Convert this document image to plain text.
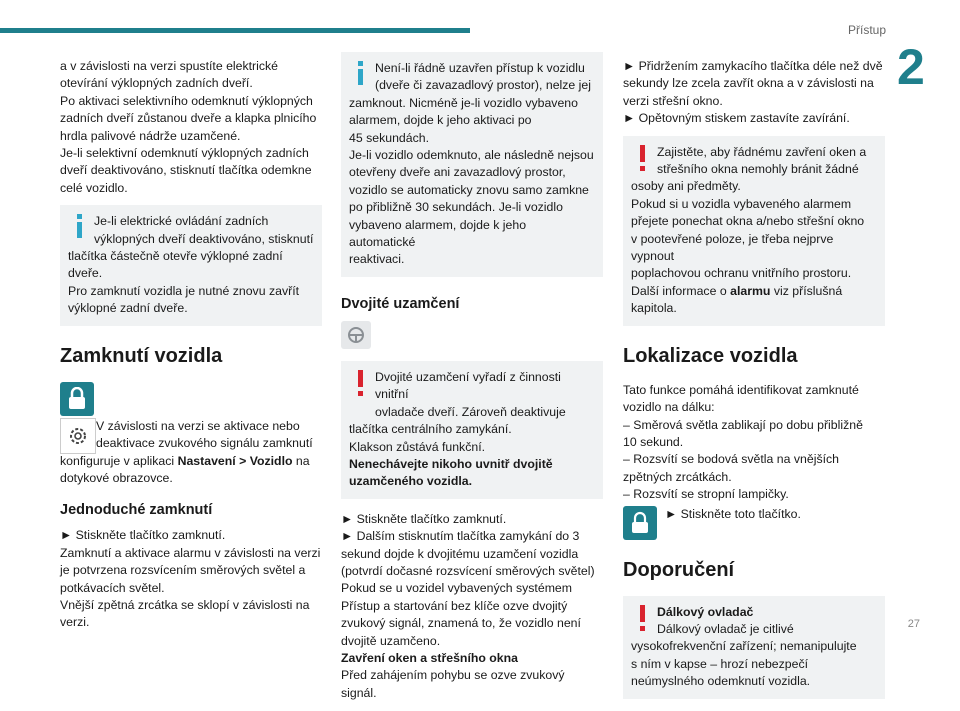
Přístup
2
27

a v závislosti na verzi spustíte elektrické

otevírání výklopných zadních dveří.

Po aktivaci selektivního odemknutí výklopných

zadních dveří zůstanou dveře a klapka plnicího

hrdla palivové nádrže uzamčené.

Je-li selektivní odemknutí výklopných zadních

dveří deaktivováno, stisknutí tlačítka odemkne

celé vozidlo.

Je-li elektrické ovládání zadních
výklopných dveří deaktivováno, stisknutí

tlačítka částečně otevře výklopné zadní

dveře.

Pro zamknutí vozidla je nutné znovu zavřít

výklopné zadní dveře.

Zamknutí vozidla
V závislosti na verzi se aktivace nebo
deaktivace zvukového signálu zamknutí

konfiguruje v aplikaci Nastavení > Vozidlo na

dotykové obrazovce.

Jednoduché zamknutí

► Stiskněte tlačítko zamknutí.

Zamknutí a aktivace alarmu v závislosti na verzi

je potvrzena rozsvícením směrových světel a

potkávacích světel.

Vnější zpětná zrcátka se sklopí v závislosti na

verzi.

Není-li řádně uzavřen přístup k vozidlu
(dveře či zavazadlový prostor), nelze jej

zamknout. Nicméně je-li vozidlo vybaveno

alarmem, dojde k jeho aktivaci po

45 sekundách.

Je-li vozidlo odemknuto, ale následně nejsou

otevřeny dveře ani zavazadlový prostor,

vozidlo se automaticky znovu samo zamkne

po přibližně 30 sekundách. Je-li vozidlo

vybaveno alarmem, dojde k jeho automatické

reaktivaci.

Dvojité uzamčení
Dvojité uzamčení vyřadí z činnosti vnitřní
ovladače dveří. Zároveň deaktivuje

tlačítka centrálního zamykání.

Klakson zůstává funkční.

Nenechávejte nikoho uvnitř dvojitě

uzamčeného vozidla.

► Stiskněte tlačítko zamknutí.

► Dalším stisknutím tlačítka zamykání do 3

sekund dojde k dvojitému uzamčení vozidla

(potvrdí dočasné rozsvícení směrových světel)

Pokud se u vozidel vybavených systémem

Přístup a startování bez klíče ozve dvojitý

zvukový signál, znamená to, že vozidlo není

dvojitě uzamčeno.

Zavření oken a střešního okna

Před zahájením pohybu se ozve zvukový signál.

► Přidržením zamykacího tlačítka déle než dvě

sekundy lze zcela zavřít okna a v závislosti na

verzi střešní okno.

► Opětovným stiskem zastavíte zavírání.

Zajistěte, aby řádnému zavření oken a
střešního okna nemohly bránit žádné

osoby ani předměty.

Pokud si u vozidla vybaveného alarmem

přejete ponechat okna a/nebo střešní okno

v pootevřené poloze, je třeba nejprve vypnout

poplachovou ochranu vnitřního prostoru.

Další informace o alarmu viz příslušná

kapitola.

Lokalizace vozidla

Tato funkce pomáhá identifikovat zamknuté

vozidlo na dálku:

– Směrová světla zablikají po dobu přibližně

10 sekund.

– Rozsvítí se bodová světla na vnějších

zpětných zrcátkách.

– Rozsvítí se stropní lampičky.

► Stiskněte toto tlačítko.
Doporučení
Dálkový ovladač
Dálkový ovladač je citlivé

vysokofrekvenční zařízení; nemanipulujte

s ním v kapse – hrozí nebezpečí

neúmyslného odemknutí vozidla.
